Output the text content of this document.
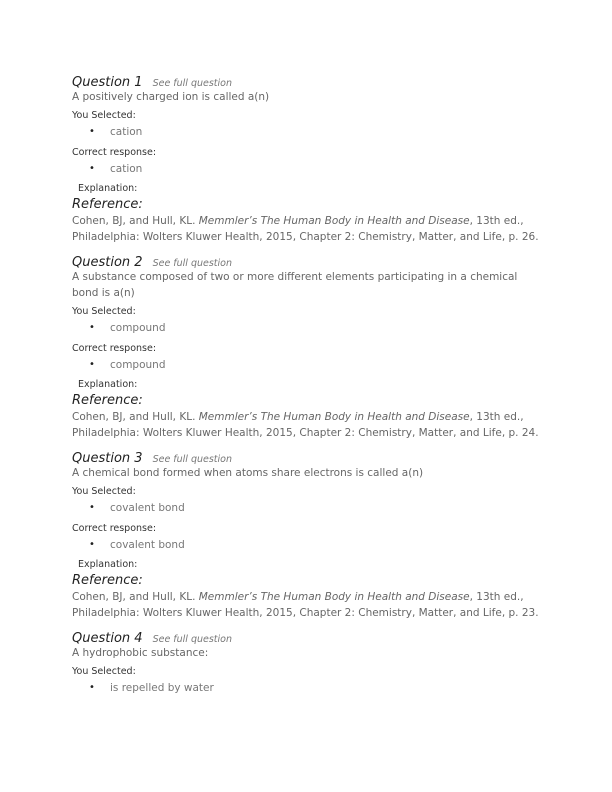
Question 1 See full question
A positively charged ion is called a(n)
You Selected:
• cation
Correct response:
• cation
Explanation:
Reference:
Cohen, BJ, and Hull, KL. Memmler’s The Human Body in Health and Disease, 13th ed.,
Philadelphia: Wolters Kluwer Health, 2015, Chapter 2: Chemistry, Matter, and Life, p. 26.
Question 2 See full question
A substance composed of two or more different elements participating in a chemical bond is a(n)
You Selected:
• compound
Correct response:
• compound
Explanation:
Reference:
Cohen, BJ, and Hull, KL. Memmler’s The Human Body in Health and Disease, 13th ed.,
Philadelphia: Wolters Kluwer Health, 2015, Chapter 2: Chemistry, Matter, and Life, p. 24.
Question 3 See full question
A chemical bond formed when atoms share electrons is called a(n)
You Selected:
• covalent bond
Correct response:
• covalent bond
Explanation:
Reference:
Cohen, BJ, and Hull, KL. Memmler’s The Human Body in Health and Disease, 13th ed.,
Philadelphia: Wolters Kluwer Health, 2015, Chapter 2: Chemistry, Matter, and Life, p. 23.
Question 4 See full question
A hydrophobic substance:
You Selected:
• is repelled by water
